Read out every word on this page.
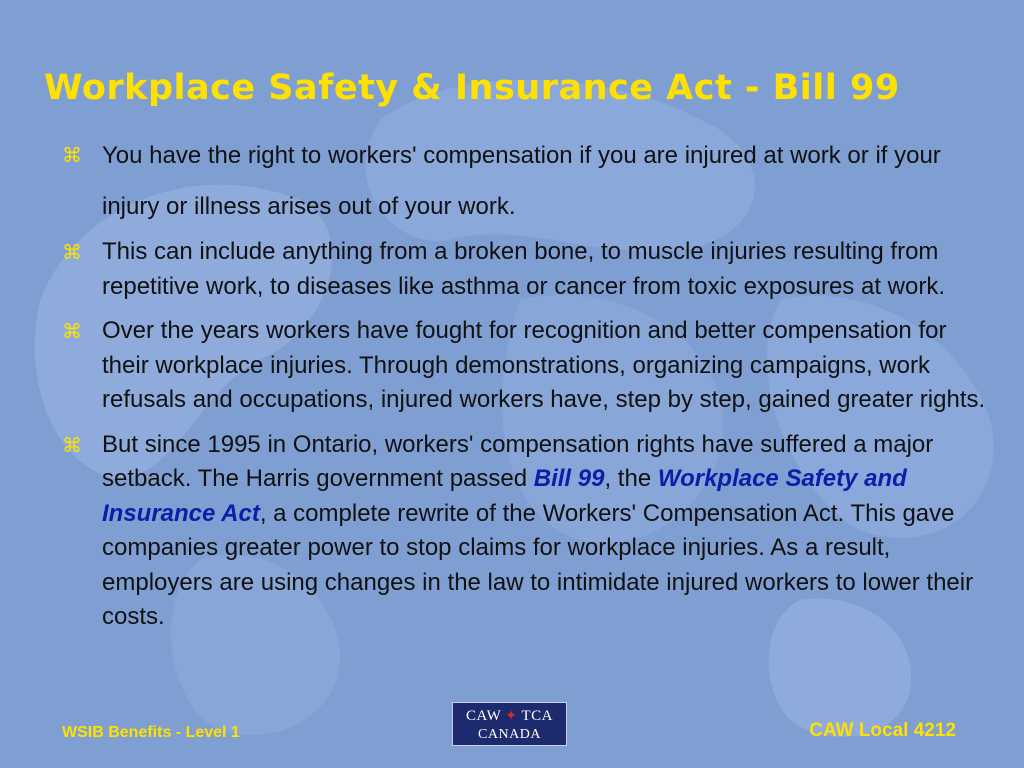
Workplace Safety & Insurance Act - Bill 99
⌘ You have the right to workers' compensation if you are injured at work or if your injury or illness arises out of your work.
⌘ This can include anything from a broken bone, to muscle injuries resulting from repetitive work, to diseases like asthma or cancer from toxic exposures at work.
⌘ Over the years workers have fought for recognition and better compensation for their workplace injuries. Through demonstrations, organizing campaigns, work refusals and occupations, injured workers have, step by step, gained greater rights.
⌘ But since 1995 in Ontario, workers' compensation rights have suffered a major setback. The Harris government passed Bill 99, the Workplace Safety and Insurance Act, a complete rewrite of the Workers' Compensation Act. This gave companies greater power to stop claims for workplace injuries. As a result, employers are using changes in the law to intimidate injured workers to lower their costs.
WSIB Benefits - Level 1
CAW ✦ TCA
CANADA	CAW Local 4212
